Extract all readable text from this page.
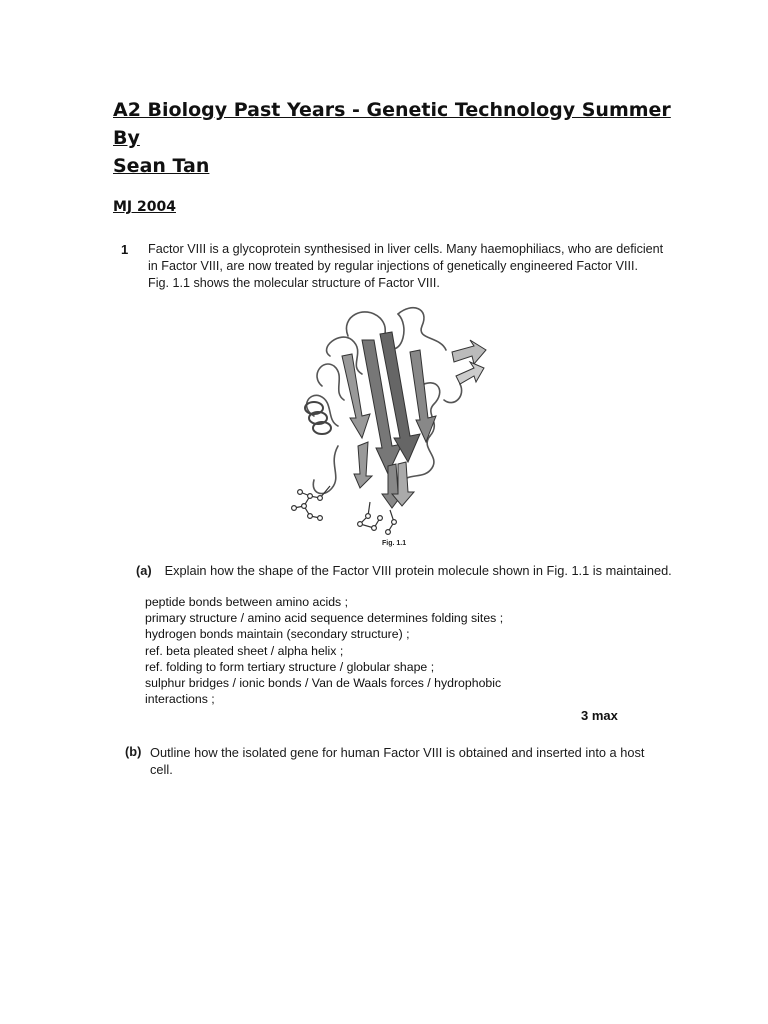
A2 Biology Past Years - Genetic Technology Summer By
Sean Tan
MJ 2004
1 Factor VIII is a glycoprotein synthesised in liver cells. Many haemophiliacs, who are deficient
in Factor VIII, are now treated by regular injections of genetically engineered Factor VIII.
Fig. 1.1 shows the molecular structure of Factor VIII.
Fig. 1.1
(a) Explain how the shape of the Factor VIII protein molecule shown in Fig. 1.1 is maintained.
peptide bonds between amino acids ;
primary structure / amino acid sequence determines folding sites ;
hydrogen bonds maintain (secondary structure) ;
ref. beta pleated sheet / alpha helix ;
ref. folding to form tertiary structure / globular shape ;
sulphur bridges / ionic bonds / Van de Waals forces / hydrophobic
interactions ;
3 max
(b) Outline how the isolated gene for human Factor VIII is obtained and inserted into a host
cell.
